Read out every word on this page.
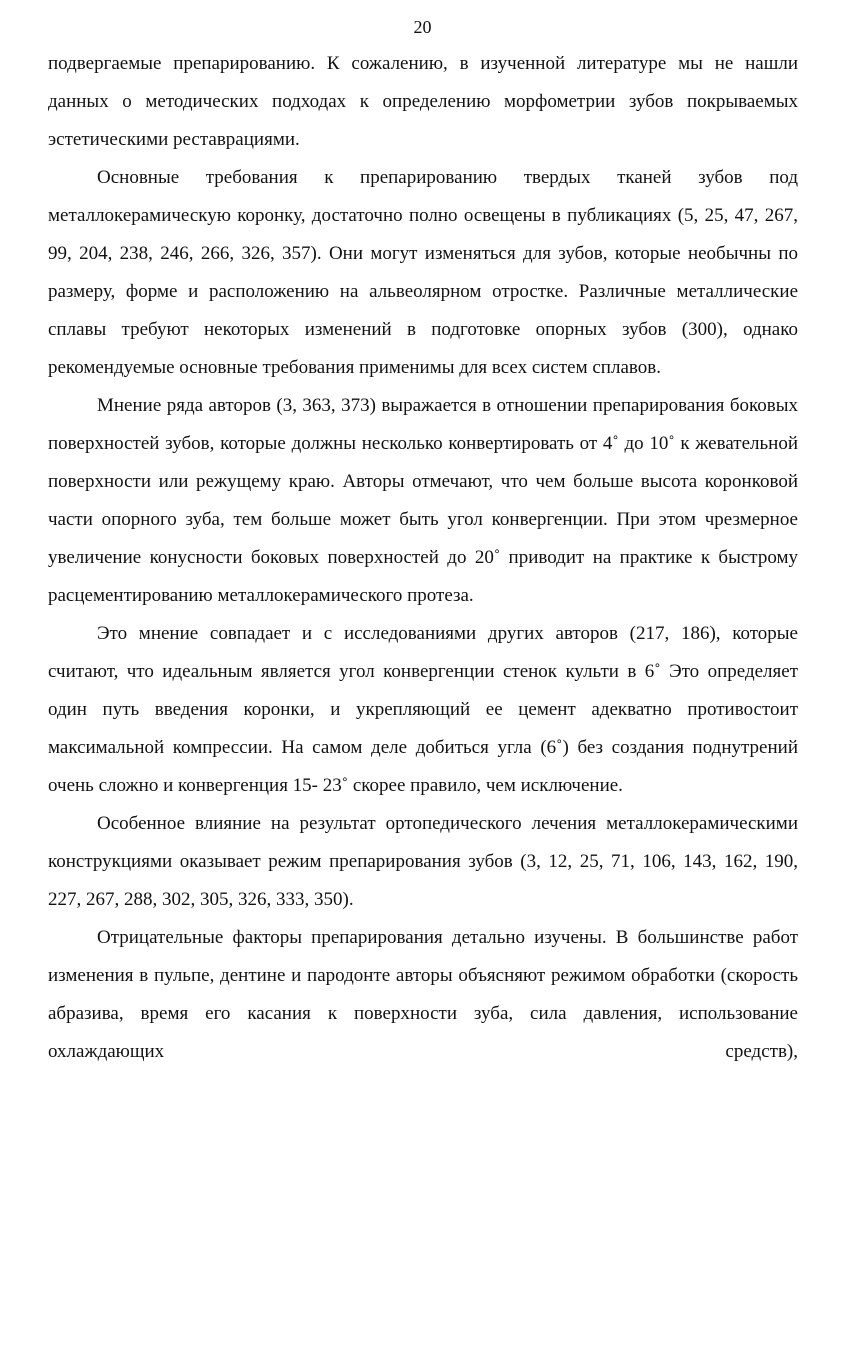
20

подвергаемые препарированию. К сожалению, в изученной литературе мы не нашли данных о методических подходах к определению морфометрии зубов покрываемых эстетическими реставрациями.

Основные требования к препарированию твердых тканей зубов под металлокерамическую коронку, достаточно полно освещены в публикациях (5, 25, 47, 267, 99, 204, 238, 246, 266, 326, 357). Они могут изменяться для зубов, которые необычны по размеру, форме и расположению на альвеолярном отростке. Различные металлические сплавы требуют некоторых изменений в подготовке опорных зубов (300), однако рекомендуемые основные требования применимы для всех систем сплавов.

Мнение ряда авторов (3, 363, 373) выражается в отношении препарирования боковых поверхностей зубов, которые должны несколько конвертировать от 4˚ до 10˚ к жевательной поверхности или режущему краю. Авторы отмечают, что чем больше высота коронковой части опорного зуба, тем больше может быть угол конвергенции. При этом чрезмерное увеличение конусности боковых поверхностей до 20˚ приводит на практике к быстрому расцементированию металлокерамического протеза.

Это мнение совпадает и с исследованиями других авторов (217, 186), которые считают, что идеальным является угол конвергенции стенок культи в 6˚ Это определяет один путь введения коронки, и укрепляющий ее цемент адекватно противостоит максимальной компрессии. На самом деле добиться угла (6˚) без создания поднутрений очень сложно и конвергенция 15- 23˚ скорее правило, чем исключение.

Особенное влияние на результат ортопедического лечения металлокерамическими конструкциями оказывает режим препарирования зубов (3, 12, 25, 71, 106, 143, 162, 190, 227, 267, 288, 302, 305, 326, 333, 350).

Отрицательные факторы препарирования детально изучены. В большинстве работ изменения в пульпе, дентине и пародонте авторы объясняют режимом обработки (скорость абразива, время его касания к поверхности зуба, сила давления, использование охлаждающих средств),
